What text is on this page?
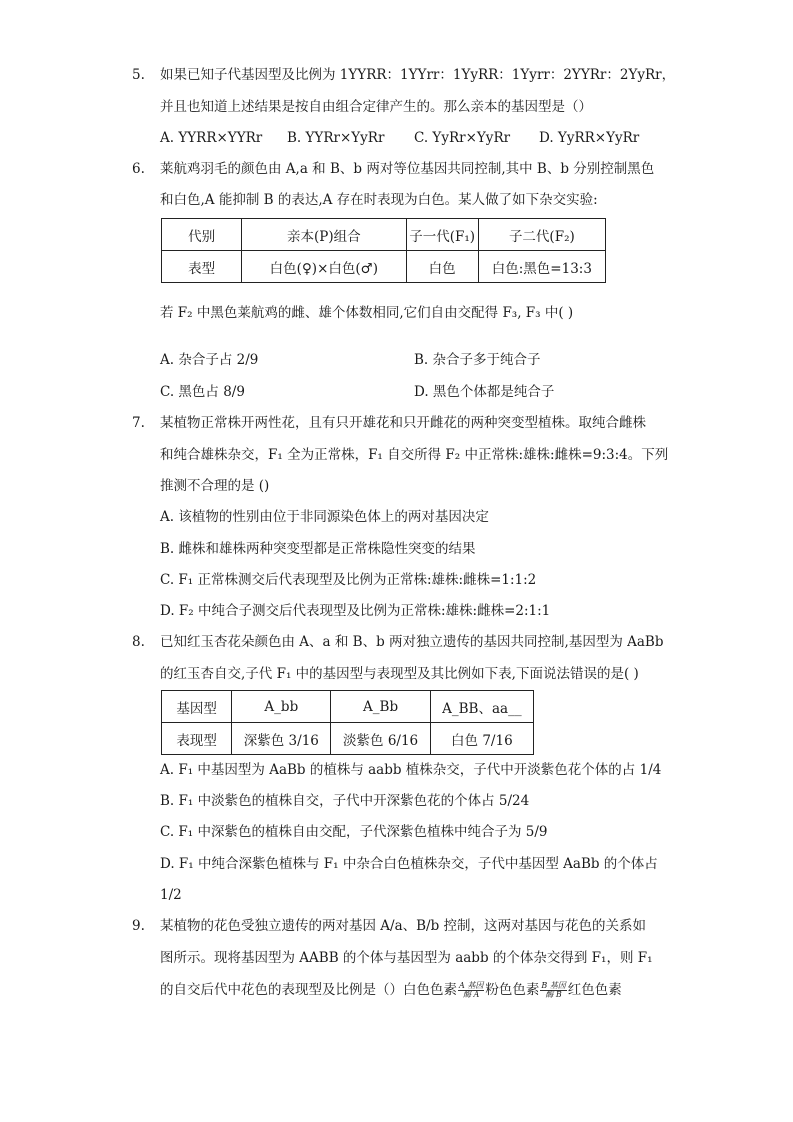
5. 如果已知子代基因型及比例为 1YYRR：1YYrr：1YyRR：1Yyrr：2YYRr：2YyRr，
并且也知道上述结果是按自由组合定律产生的。那么亲本的基因型是（）
A. YYRR×YYRr B. YYRr×YyRr C. YyRr×YyRr D. YyRR×YyRr
6. 莱航鸡羽毛的颜色由 A,a 和 B、b 两对等位基因共同控制,其中 B、b 分别控制黑色
和白色,A 能抑制 B 的表达,A 存在时表现为白色。某人做了如下杂交实验:
代别	亲本(P)组合	子一代(F₁)	子二代(F₂)
表型	白色(♀)×白色(♂)	白色	白色:黑色=13:3
若 F₂ 中黑色莱航鸡的雌、雄个体数相同,它们自由交配得 F₃, F₃ 中( )
A. 杂合子占 2/9	B. 杂合子多于纯合子
C. 黑色占 8/9	D. 黑色个体都是纯合子
7. 某植物正常株开两性花，且有只开雄花和只开雌花的两种突变型植株。取纯合雌株
和纯合雄株杂交，F₁ 全为正常株，F₁ 自交所得 F₂ 中正常株:雄株:雌株=9:3:4。下列
推测不合理的是 ()
A. 该植物的性别由位于非同源染色体上的两对基因决定
B. 雌株和雄株两种突变型都是正常株隐性突变的结果
C. F₁ 正常株测交后代表现型及比例为正常株:雄株:雌株=1:1:2
D. F₂ 中纯合子测交后代表现型及比例为正常株:雄株:雌株=2:1:1
8. 已知红玉杏花朵颜色由 A、a 和 B、b 两对独立遗传的基因共同控制,基因型为 AaBb
的红玉杏自交,子代 F₁ 中的基因型与表现型及其比例如下表,下面说法错误的是( )
基因型	A_bb	A_Bb	A_BB、aa__
表现型	深紫色 3/16	淡紫色 6/16	白色 7/16
A. F₁ 中基因型为 AaBb 的植株与 aabb 植株杂交，子代中开淡紫色花个体的占 1/4
B. F₁ 中淡紫色的植株自交，子代中开深紫色花的个体占 5/24
C. F₁ 中深紫色的植株自由交配，子代深紫色植株中纯合子为 5/9
D. F₁ 中纯合深紫色植株与 F₁ 中杂合白色植株杂交，子代中基因型 AaBb 的个体占
1/2
9. 某植物的花色受独立遗传的两对基因 A/a、B/b 控制，这两对基因与花色的关系如
图所示。现将基因型为 AABB 的个体与基因型为 aabb 的个体杂交得到 F₁，则 F₁
的自交后代中花色的表现型及比例是（）白色色素 A 基因
酶 A 粉色色素 B 基因
酶 B 红色色素
